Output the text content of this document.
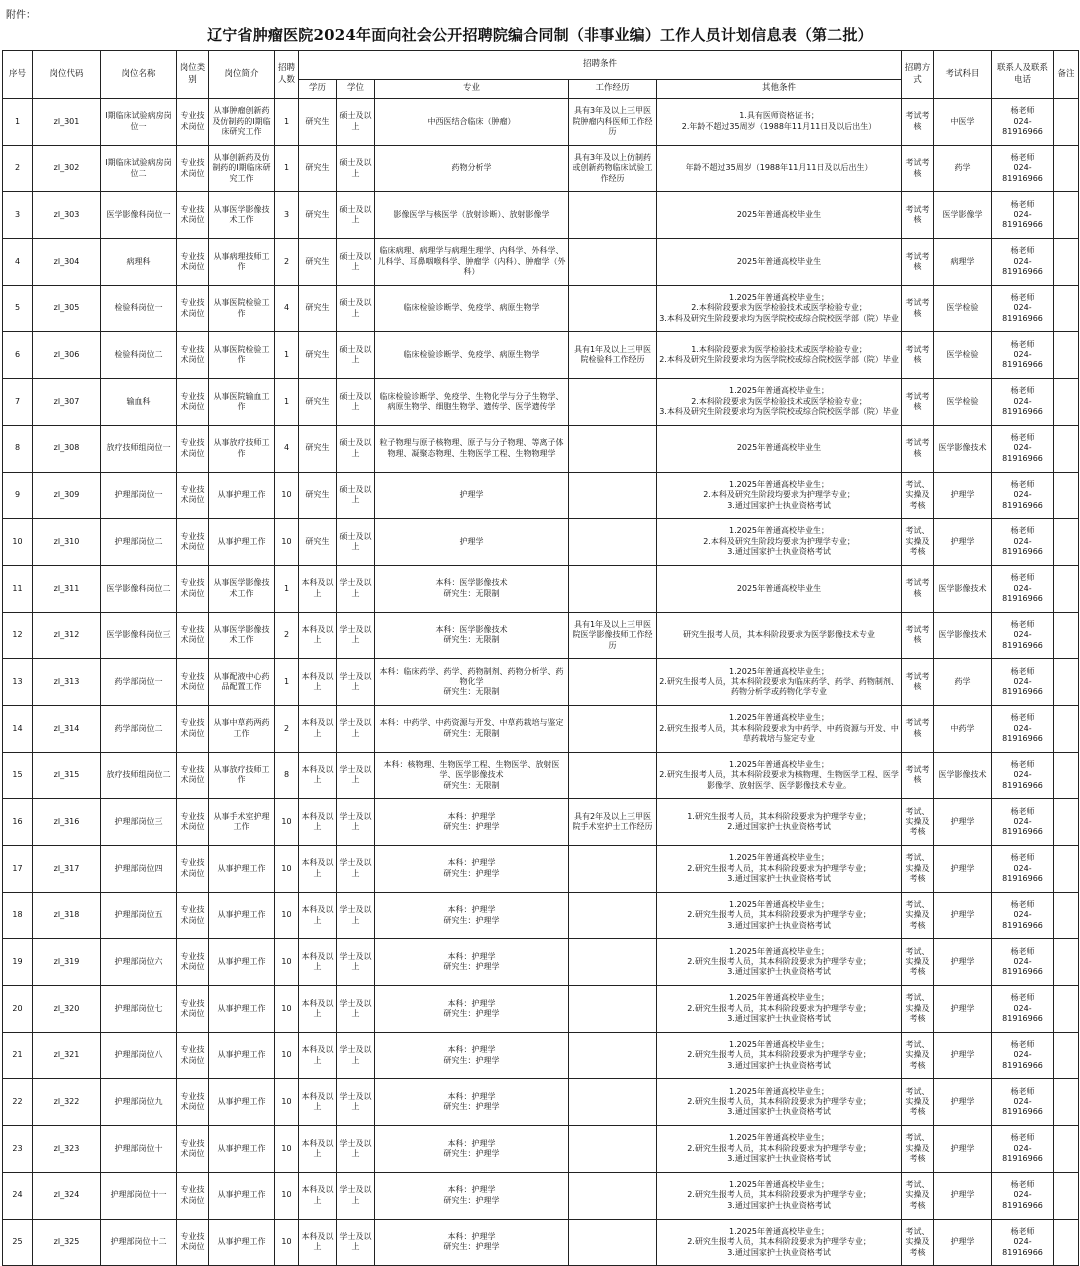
附件：
辽宁省肿瘤医院2024年面向社会公开招聘院编合同制（非事业编）工作人员计划信息表（第二批）
序号	岗位代码	岗位名称	岗位类别	岗位简介	招聘人数	招聘条件					招聘方式	考试科目	联系人及联系电话	备注
						学历	学位	专业	工作经历	其他条件				
1	zl_301	I期临床试验病房岗位一	专业技术岗位	从事肿瘤创新药及仿制药的I期临床研究工作	1	研究生	硕士及以上	中西医结合临床（肿瘤）	具有3年及以上三甲医院肿瘤内科医师工作经历	1.具有医师资格证书；
2.年龄不超过35周岁（1988年11月11日及以后出生）	考试考核	中医学	杨老师
024-81916966	
2	zl_302	I期临床试验病房岗位二	专业技术岗位	从事创新药及仿制药的I期临床研究工作	1	研究生	硕士及以上	药物分析学	具有3年及以上仿制药或创新药物临床试验工作经历	年龄不超过35周岁（1988年11月11日及以后出生）	考试考核	药学	杨老师
024-81916966	
3	zl_303	医学影像科岗位一	专业技术岗位	从事医学影像技术工作	3	研究生	硕士及以上	影像医学与核医学（放射诊断）、放射影像学		2025年普通高校毕业生	考试考核	医学影像学	杨老师
024-81916966	
4	zl_304	病理科	专业技术岗位	从事病理技师工作	2	研究生	硕士及以上	临床病理、病理学与病理生理学、内科学、外科学、儿科学、耳鼻咽喉科学、肿瘤学（内科）、肿瘤学（外科）		2025年普通高校毕业生	考试考核	病理学	杨老师
024-81916966	
5	zl_305	检验科岗位一	专业技术岗位	从事医院检验工作	4	研究生	硕士及以上	临床检验诊断学、免疫学、病原生物学		1.2025年普通高校毕业生；
2.本科阶段要求为医学检验技术或医学检验专业；
3.本科及研究生阶段要求均为医学院校或综合院校医学部（院）毕业	考试考核	医学检验	杨老师
024-81916966	
6	zl_306	检验科岗位二	专业技术岗位	从事医院检验工作	1	研究生	硕士及以上	临床检验诊断学、免疫学、病原生物学	具有1年及以上三甲医院检验科工作经历	1.本科阶段要求为医学检验技术或医学检验专业；
2.本科及研究生阶段要求均为医学院校或综合院校医学部（院）毕业	考试考核	医学检验	杨老师
024-81916966	
7	zl_307	输血科	专业技术岗位	从事医院输血工作	1	研究生	硕士及以上	临床检验诊断学、免疫学、生物化学与分子生物学、病原生物学、细胞生物学、遗传学、医学遗传学		1.2025年普通高校毕业生；
2.本科阶段要求为医学检验技术或医学检验专业；
3.本科及研究生阶段要求均为医学院校或综合院校医学部（院）毕业	考试考核	医学检验	杨老师
024-81916966	
8	zl_308	放疗技师组岗位一	专业技术岗位	从事放疗技师工作	4	研究生	硕士及以上	粒子物理与原子核物理、原子与分子物理、等离子体物理、凝聚态物理、生物医学工程、生物物理学		2025年普通高校毕业生	考试考核	医学影像技术	杨老师
024-81916966	
9	zl_309	护理部岗位一	专业技术岗位	从事护理工作	10	研究生	硕士及以上	护理学		1.2025年普通高校毕业生；
2.本科及研究生阶段均要求为护理学专业；
3.通过国家护士执业资格考试	考试、实操及考核	护理学	杨老师
024-81916966	
10	zl_310	护理部岗位二	专业技术岗位	从事护理工作	10	研究生	硕士及以上	护理学		1.2025年普通高校毕业生；
2.本科及研究生阶段均要求为护理学专业；
3.通过国家护士执业资格考试	考试、实操及考核	护理学	杨老师
024-81916966	
11	zl_311	医学影像科岗位二	专业技术岗位	从事医学影像技术工作	1	本科及以上	学士及以上	本科：医学影像技术
研究生：无限制		2025年普通高校毕业生	考试考核	医学影像技术	杨老师
024-81916966	
12	zl_312	医学影像科岗位三	专业技术岗位	从事医学影像技术工作	2	本科及以上	学士及以上	本科：医学影像技术
研究生：无限制	具有1年及以上三甲医院医学影像技师工作经历	研究生报考人员，其本科阶段要求为医学影像技术专业	考试考核	医学影像技术	杨老师
024-81916966	
13	zl_313	药学部岗位一	专业技术岗位	从事配液中心药品配置工作	1	本科及以上	学士及以上	本科：临床药学、药学、药物制剂、药物分析学、药物化学
研究生：无限制		1.2025年普通高校毕业生；
2.研究生报考人员，其本科阶段要求为临床药学、药学、药物制剂、药物分析学或药物化学专业	考试考核	药学	杨老师
024-81916966	
14	zl_314	药学部岗位二	专业技术岗位	从事中草药两药工作	2	本科及以上	学士及以上	本科：中药学、中药资源与开发、中草药栽培与鉴定
研究生：无限制		1.2025年普通高校毕业生；
2.研究生报考人员，其本科阶段要求为中药学、中药资源与开发、中草药栽培与鉴定专业	考试考核	中药学	杨老师
024-81916966	
15	zl_315	放疗技师组岗位二	专业技术岗位	从事放疗技师工作	8	本科及以上	学士及以上	本科：核物理、生物医学工程、生物医学、放射医学、医学影像技术
研究生：无限制		1.2025年普通高校毕业生；
2.研究生报考人员，其本科阶段要求为核物理、生物医学工程、医学影像学、放射医学、医学影像技术专业。	考试考核	医学影像技术	杨老师
024-81916966	
16	zl_316	护理部岗位三	专业技术岗位	从事手术室护理工作	10	本科及以上	学士及以上	本科：护理学
研究生：护理学	具有2年及以上三甲医院手术室护士工作经历	1.研究生报考人员，其本科阶段要求为护理学专业；
2.通过国家护士执业资格考试	考试、实操及考核	护理学	杨老师
024-81916966	
17	zl_317	护理部岗位四	专业技术岗位	从事护理工作	10	本科及以上	学士及以上	本科：护理学
研究生：护理学		1.2025年普通高校毕业生；
2.研究生报考人员，其本科阶段要求为护理学专业；
3.通过国家护士执业资格考试	考试、实操及考核	护理学	杨老师
024-81916966	
18	zl_318	护理部岗位五	专业技术岗位	从事护理工作	10	本科及以上	学士及以上	本科：护理学
研究生：护理学		1.2025年普通高校毕业生；
2.研究生报考人员，其本科阶段要求为护理学专业；
3.通过国家护士执业资格考试	考试、实操及考核	护理学	杨老师
024-81916966	
19	zl_319	护理部岗位六	专业技术岗位	从事护理工作	10	本科及以上	学士及以上	本科：护理学
研究生：护理学		1.2025年普通高校毕业生；
2.研究生报考人员，其本科阶段要求为护理学专业；
3.通过国家护士执业资格考试	考试、实操及考核	护理学	杨老师
024-81916966	
20	zl_320	护理部岗位七	专业技术岗位	从事护理工作	10	本科及以上	学士及以上	本科：护理学
研究生：护理学		1.2025年普通高校毕业生；
2.研究生报考人员，其本科阶段要求为护理学专业；
3.通过国家护士执业资格考试	考试、实操及考核	护理学	杨老师
024-81916966	
21	zl_321	护理部岗位八	专业技术岗位	从事护理工作	10	本科及以上	学士及以上	本科：护理学
研究生：护理学		1.2025年普通高校毕业生；
2.研究生报考人员，其本科阶段要求为护理学专业；
3.通过国家护士执业资格考试	考试、实操及考核	护理学	杨老师
024-81916966	
22	zl_322	护理部岗位九	专业技术岗位	从事护理工作	10	本科及以上	学士及以上	本科：护理学
研究生：护理学		1.2025年普通高校毕业生；
2.研究生报考人员，其本科阶段要求为护理学专业；
3.通过国家护士执业资格考试	考试、实操及考核	护理学	杨老师
024-81916966	
23	zl_323	护理部岗位十	专业技术岗位	从事护理工作	10	本科及以上	学士及以上	本科：护理学
研究生：护理学		1.2025年普通高校毕业生；
2.研究生报考人员，其本科阶段要求为护理学专业；
3.通过国家护士执业资格考试	考试、实操及考核	护理学	杨老师
024-81916966	
24	zl_324	护理部岗位十一	专业技术岗位	从事护理工作	10	本科及以上	学士及以上	本科：护理学
研究生：护理学		1.2025年普通高校毕业生；
2.研究生报考人员，其本科阶段要求为护理学专业；
3.通过国家护士执业资格考试	考试、实操及考核	护理学	杨老师
024-81916966	
25	zl_325	护理部岗位十二	专业技术岗位	从事护理工作	10	本科及以上	学士及以上	本科：护理学
研究生：护理学		1.2025年普通高校毕业生；
2.研究生报考人员，其本科阶段要求为护理学专业；
3.通过国家护士执业资格考试	考试、实操及考核	护理学	杨老师
024-81916966	
